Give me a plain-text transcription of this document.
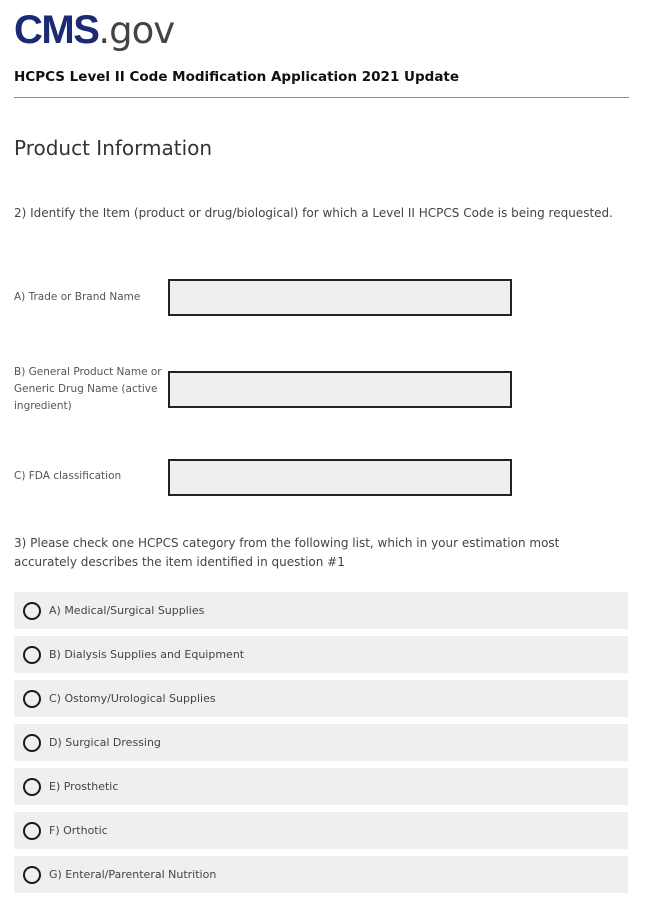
CMS .gov
HCPCS Level II Code Modification Application 2021 Update
Product Information
2) Identify the Item (product or drug/biological) for which a Level II HCPCS Code is being requested.
A) Trade or Brand Name
B) General Product Name or Generic Drug Name (active ingredient)
C) FDA classification
3) Please check one HCPCS category from the following list, which in your estimation most accurately describes the item identified in question #1
A) Medical/Surgical Supplies
B) Dialysis Supplies and Equipment
C) Ostomy/Urological Supplies
D) Surgical Dressing
E) Prosthetic
F) Orthotic
G) Enteral/Parenteral Nutrition
